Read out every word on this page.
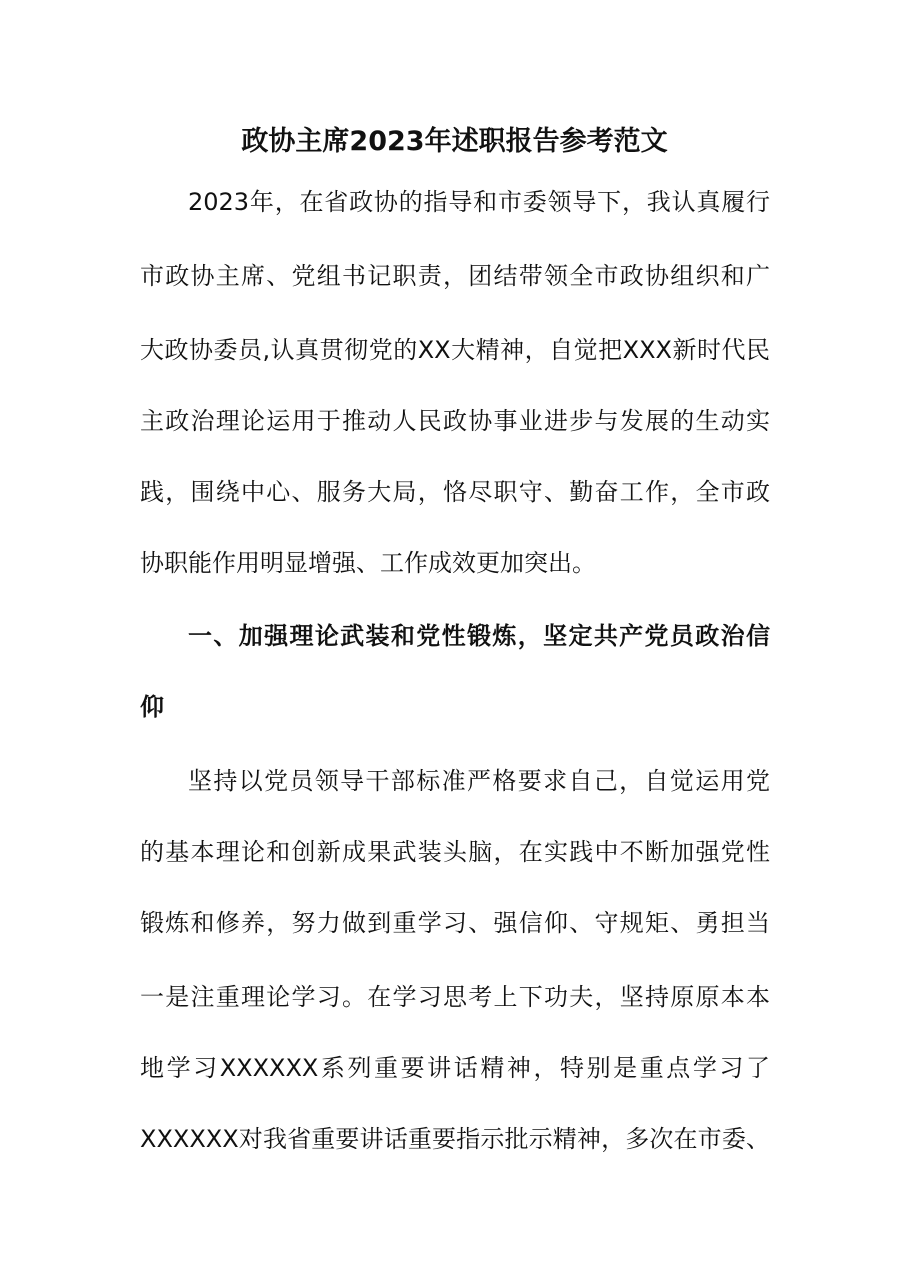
政协主席2023年述职报告参考范文
2023年，在省政协的指导和市委领导下，我认真履行
市政协主席、党组书记职责，团结带领全市政协组织和广
大政协委员,认真贯彻党的XX大精神，自觉把XXX新时代民
主政治理论运用于推动人民政协事业进步与发展的生动实
践，围绕中心、服务大局，恪尽职守、勤奋工作，全市政
协职能作用明显增强、工作成效更加突出。
一、加强理论武装和党性锻炼，坚定共产党员政治信
仰
坚持以党员领导干部标准严格要求自己，自觉运用党
的基本理论和创新成果武装头脑，在实践中不断加强党性
锻炼和修养，努力做到重学习、强信仰、守规矩、勇担当
一是注重理论学习。在学习思考上下功夫，坚持原原本本
地学习XXXXXX系列重要讲话精神，特别是重点学习了
XXXXXX对我省重要讲话重要指示批示精神，多次在市委、
